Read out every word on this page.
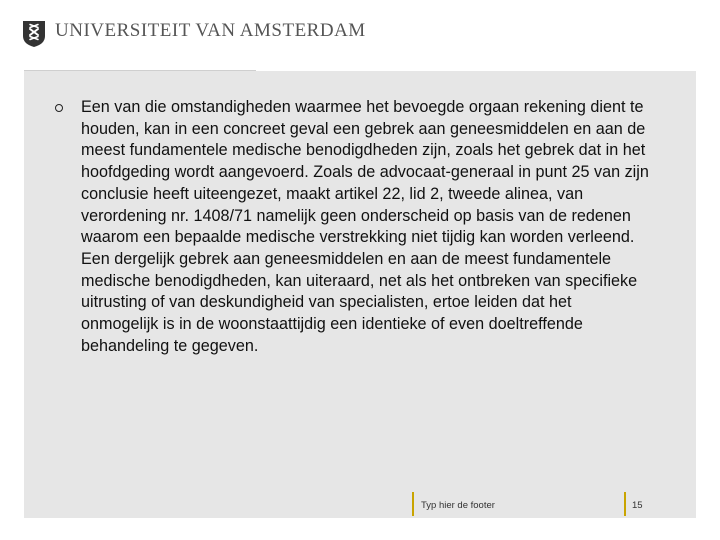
UNIVERSITEIT VAN AMSTERDAM
Een van die omstandigheden waarmee het bevoegde orgaan rekening dient te houden, kan in een concreet geval een gebrek aan geneesmiddelen en aan de meest fundamentele medische benodigdheden zijn, zoals het gebrek dat in het hoofdgeding wordt aangevoerd. Zoals de advocaat-generaal in punt 25 van zijn conclusie heeft uiteengezet, maakt artikel 22, lid 2, tweede alinea, van verordening nr. 1408/71 namelijk geen onderscheid op basis van de redenen waarom een bepaalde medische verstrekking niet tijdig kan worden verleend. Een dergelijk gebrek aan geneesmiddelen en aan de meest fundamentele medische benodigdheden, kan uiteraard, net als het ontbreken van specifieke uitrusting of van deskundigheid van specialisten, ertoe leiden dat het onmogelijk is in de woonstaattijdig een identieke of even doeltreffende behandeling te gegeven.
Typ hier de footer	15
